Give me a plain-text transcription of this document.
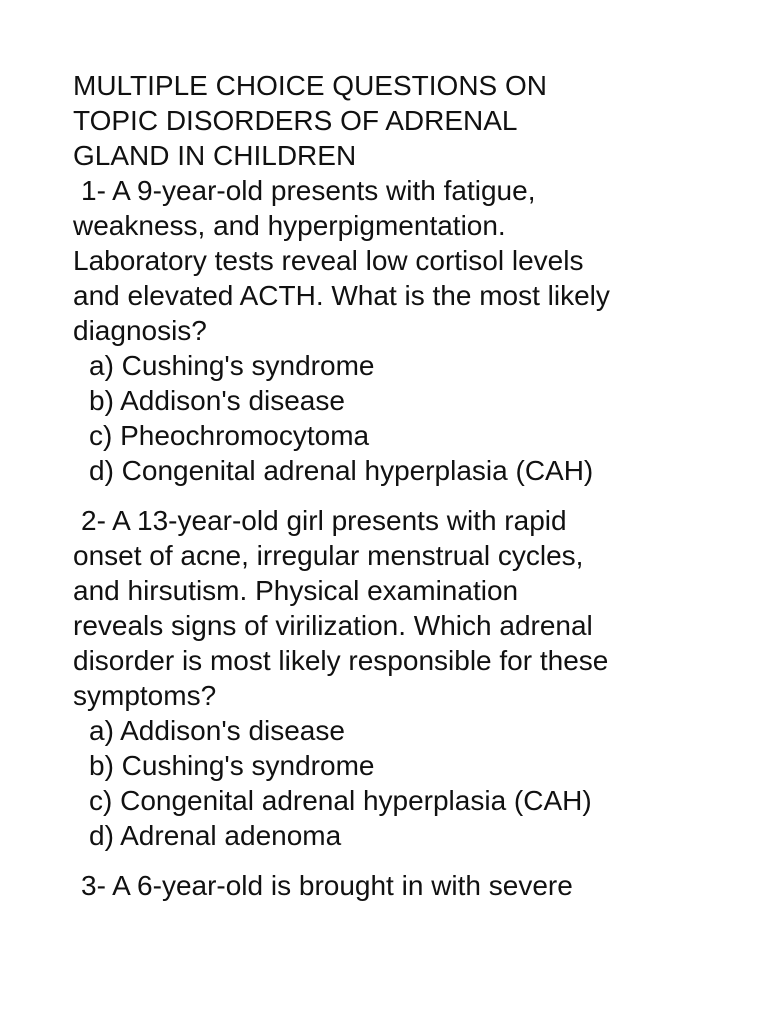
MULTIPLE CHOICE QUESTIONS ON
TOPIC DISORDERS OF ADRENAL
GLAND IN CHILDREN
1- A 9-year-old presents with fatigue,
weakness, and hyperpigmentation.
Laboratory tests reveal low cortisol levels
and elevated ACTH. What is the most likely
diagnosis?
a) Cushing's syndrome
b) Addison's disease
c) Pheochromocytoma
d) Congenital adrenal hyperplasia (CAH)
2- A 13-year-old girl presents with rapid
onset of acne, irregular menstrual cycles,
and hirsutism. Physical examination
reveals signs of virilization. Which adrenal
disorder is most likely responsible for these
symptoms?
a) Addison's disease
b) Cushing's syndrome
c) Congenital adrenal hyperplasia (CAH)
d) Adrenal adenoma
3- A 6-year-old is brought in with severe
